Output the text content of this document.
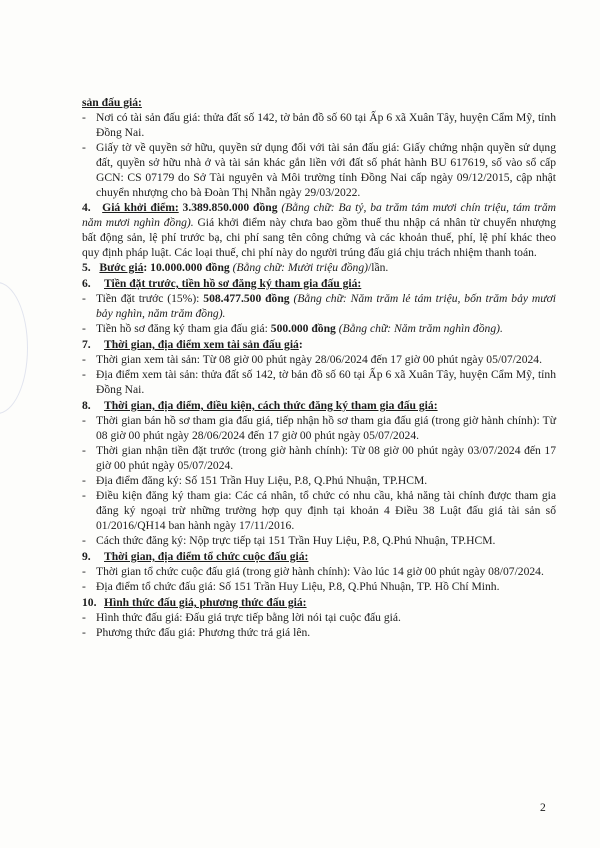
sản đấu giá:

- Nơi có tài sản đấu giá: thửa đất số 142, tờ bản đồ số 60 tại Ấp 6 xã Xuân Tây, huyện Cẩm Mỹ, tỉnh Đồng Nai.

- Giấy tờ về quyền sở hữu, quyền sử dụng đối với tài sản đấu giá: Giấy chứng nhận quyền sử dụng đất, quyền sở hữu nhà ở và tài sản khác gắn liền với đất số phát hành BU 617619, số vào sổ cấp GCN: CS 07179 do Sở Tài nguyên và Môi trường tỉnh Đồng Nai cấp ngày 09/12/2015, cập nhật chuyển nhượng cho bà Đoàn Thị Nhẫn ngày 29/03/2022.

4. Giá khởi điểm: 3.389.850.000 đồng (Bằng chữ: Ba tỷ, ba trăm tám mươi chín triệu, tám trăm năm mươi nghìn đồng). Giá khởi điểm này chưa bao gồm thuế thu nhập cá nhân từ chuyển nhượng bất động sản, lệ phí trước bạ, chi phí sang tên công chứng và các khoản thuế, phí, lệ phí khác theo quy định pháp luật. Các loại thuế, chi phí này do người trúng đấu giá chịu trách nhiệm thanh toán.

5. Bước giá: 10.000.000 đồng (Bằng chữ: Mười triệu đồng)/lần.

6.	Tiền đặt trước, tiền hồ sơ đăng ký tham gia đấu giá:

- Tiền đặt trước (15%): 508.477.500 đồng (Bằng chữ: Năm trăm lẻ tám triệu, bốn trăm bảy mươi bảy nghìn, năm trăm đồng).

- Tiền hồ sơ đăng ký tham gia đấu giá: 500.000 đồng (Bằng chữ: Năm trăm nghìn đồng).

7.	Thời gian, địa điểm xem tài sản đấu giá:

- Thời gian xem tài sản: Từ 08 giờ 00 phút ngày 28/06/2024 đến 17 giờ 00 phút ngày 05/07/2024.

- Địa điểm xem tài sản: thửa đất số 142, tờ bản đồ số 60 tại Ấp 6 xã Xuân Tây, huyện Cẩm Mỹ, tỉnh Đồng Nai.

8.	Thời gian, địa điểm, điều kiện, cách thức đăng ký tham gia đấu giá:

- Thời gian bán hồ sơ tham gia đấu giá, tiếp nhận hồ sơ tham gia đấu giá (trong giờ hành chính): Từ 08 giờ 00 phút ngày 28/06/2024 đến 17 giờ 00 phút ngày 05/07/2024.

- Thời gian nhận tiền đặt trước (trong giờ hành chính): Từ 08 giờ 00 phút ngày 03/07/2024 đến 17 giờ 00 phút ngày 05/07/2024.

- Địa điểm đăng ký: Số 151 Trần Huy Liệu, P.8, Q.Phú Nhuận, TP.HCM.

- Điều kiện đăng ký tham gia: Các cá nhân, tổ chức có nhu cầu, khả năng tài chính được tham gia đăng ký ngoại trừ những trường hợp quy định tại khoản 4 Điều 38 Luật đấu giá tài sản số 01/2016/QH14 ban hành ngày 17/11/2016.

- Cách thức đăng ký: Nộp trực tiếp tại 151 Trần Huy Liệu, P.8, Q.Phú Nhuận, TP.HCM.

9.	Thời gian, địa điểm tổ chức cuộc đấu giá:

- Thời gian tổ chức cuộc đấu giá (trong giờ hành chính): Vào lúc 14 giờ 00 phút ngày 08/07/2024.

- Địa điểm tổ chức đấu giá: Số 151 Trần Huy Liệu, P.8, Q.Phú Nhuận, TP. Hồ Chí Minh.

10. Hình thức đấu giá, phương thức đấu giá:

- Hình thức đấu giá: Đấu giá trực tiếp bằng lời nói tại cuộc đấu giá.

- Phương thức đấu giá: Phương thức trả giá lên.

2
